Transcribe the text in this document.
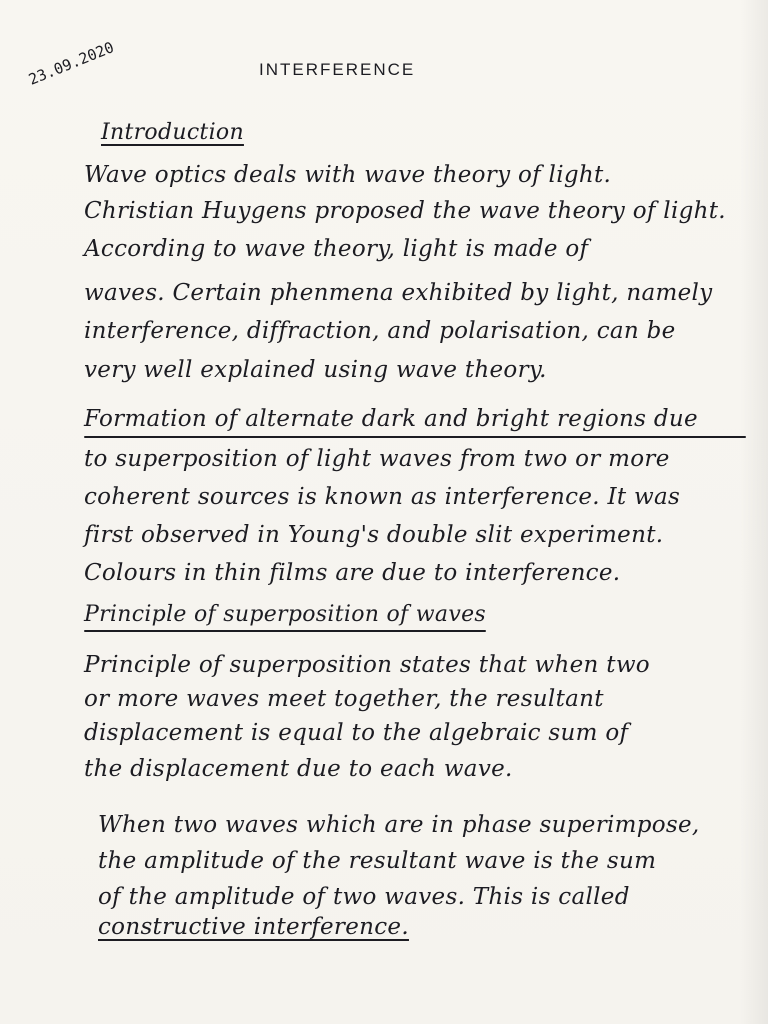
23.09.2020	INTERFERENCE
Introduction
Wave optics deals with wave theory of light.
Christian Huygens proposed the wave theory of light.
According to wave theory, light is made of
waves. Certain phenmena exhibited by light, namely
interference, diffraction, and polarisation, can be
very well explained using wave theory.
Formation of alternate dark and bright regions due
to superposition of light waves from two or more
coherent sources is known as interference. It was
first observed in Young's double slit experiment.
Colours in thin films are due to interference.
Principle of superposition of waves
Principle of superposition states that when two
or more waves meet together, the resultant
displacement is equal to the algebraic sum of
the displacement due to each wave.
When two waves which are in phase superimpose,
the amplitude of the resultant wave is the sum
of the amplitude of two waves. This is called
constructive interference.
